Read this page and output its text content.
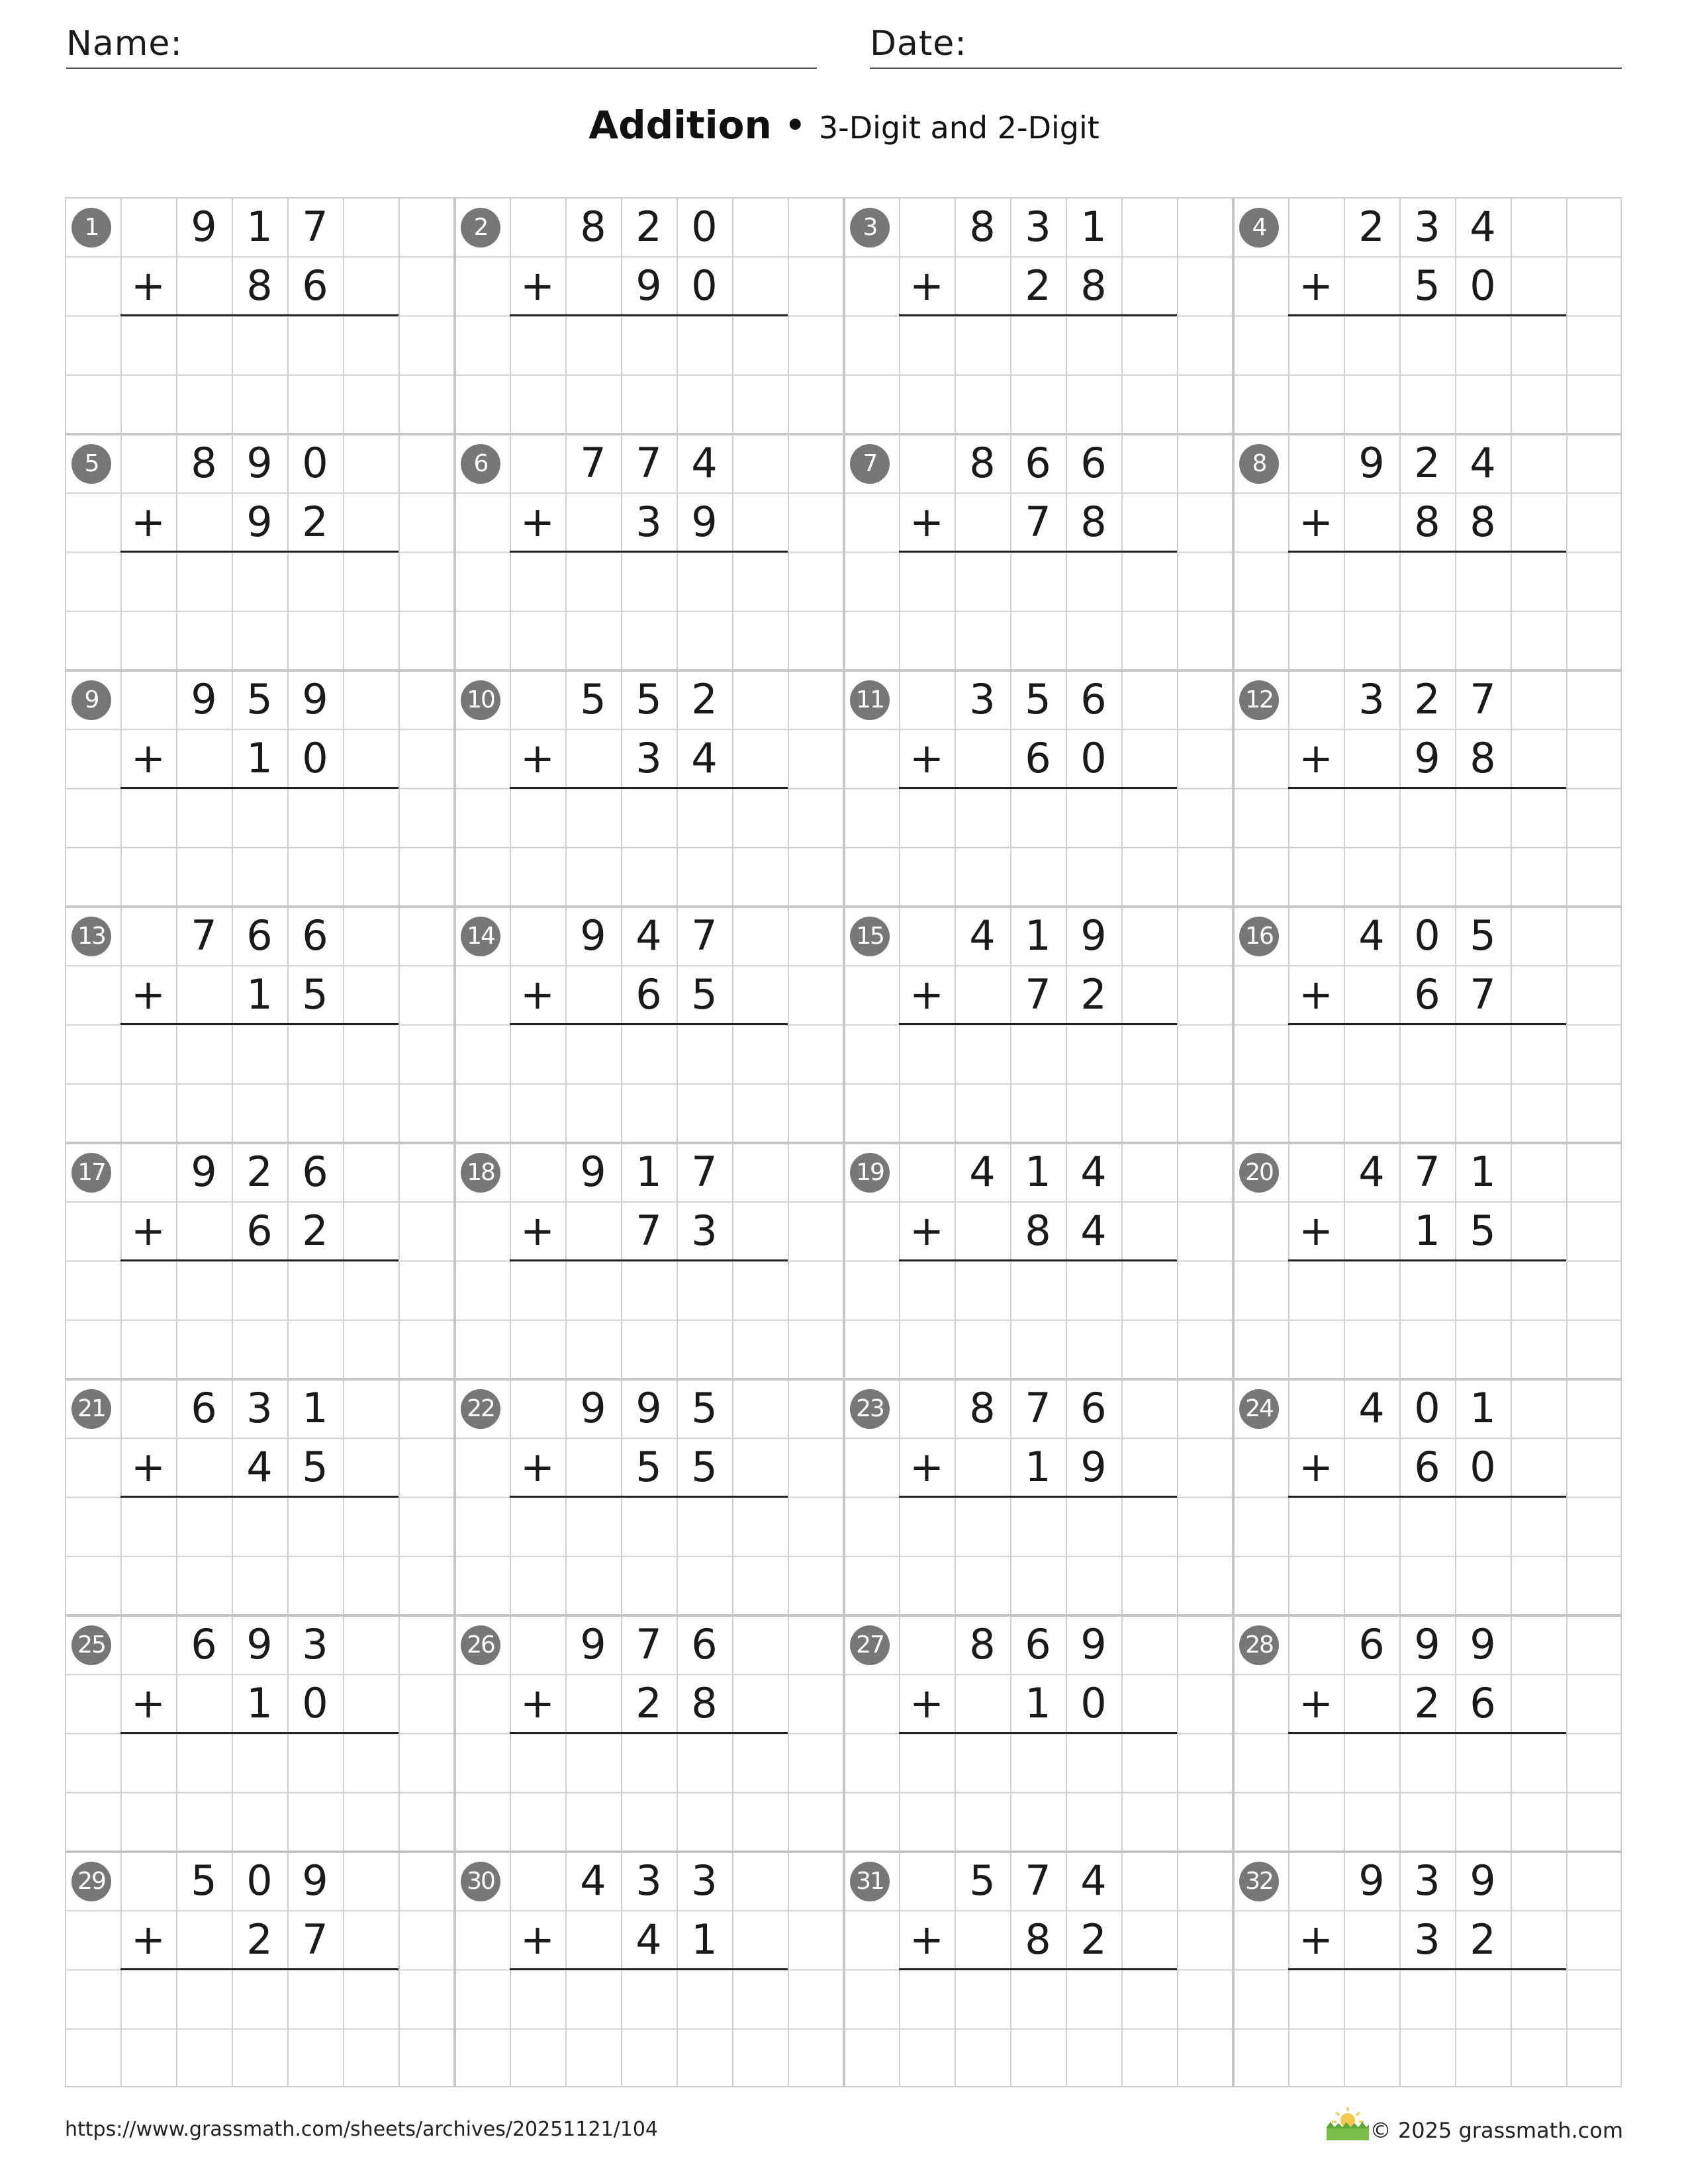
Name:	Date:
Addition • 3-Digit and 2-Digit
1	9 1 7
+	8 6
2	8 2 0
+	9 0
3	8 3 1
+	2 8
4	2 3 4
+	5 0
5	8 9 0
+	9 2
6	7 7 4
+	3 9
7	8 6 6
+	7 8
8	9 2 4
+	8 8
9	9 5 9
+	1 0
10	5 5 2
+	3 4
11	3 5 6
+	6 0
12	3 2 7
+	9 8
13	7 6 6
+	1 5
14	9 4 7
+	6 5
15	4 1 9
+	7 2
16	4 0 5
+	6 7
17	9 2 6
+	6 2
18	9 1 7
+	7 3
19	4 1 4
+	8 4
20	4 7 1
+	1 5
21	6 3 1
+	4 5
22	9 9 5
+	5 5
23	8 7 6
+	1 9
24	4 0 1
+	6 0
25	6 9 3
+	1 0
26	9 7 6
+	2 8
27	8 6 9
+	1 0
28	6 9 9
+	2 6
29	5 0 9
+	2 7
30	4 3 3
+	4 1
31	5 7 4
+	8 2
32	9 3 9
+	3 2
https://www.grassmath.com/sheets/archives/20251121/104	© 2025 grassmath.com
